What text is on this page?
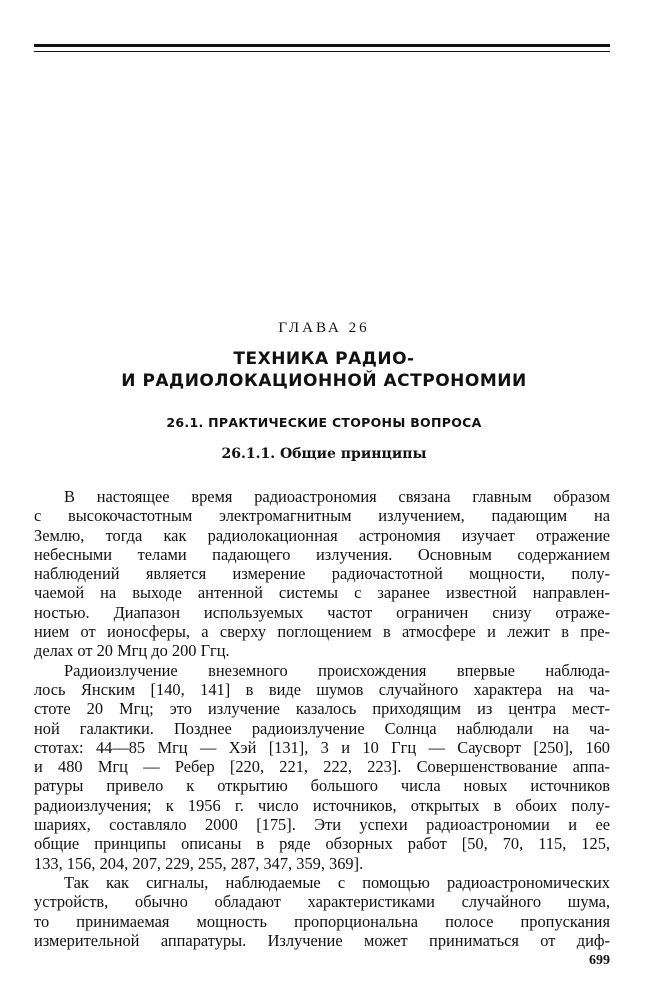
ГЛАВА 26
ТЕХНИКА РАДИО-
И РАДИОЛОКАЦИОННОЙ АСТРОНОМИИ
26.1. ПРАКТИЧЕСКИЕ СТОРОНЫ ВОПРОСА
26.1.1. Общие принципы

В настоящее время радиоастрономия связана главным образом
с высокочастотным электромагнитным излучением, падающим на
Землю, тогда как радиолокационная астрономия изучает отражение
небесными телами падающего излучения. Основным содержанием
наблюдений является измерение радиочастотной мощности, полу-
чаемой на выходе антенной системы с заранее известной направлен-
ностью. Диапазон используемых частот ограничен снизу отраже-
нием от ионосферы, а сверху поглощением в атмосфере и лежит в пре-
делах от 20 Мгц до 200 Ггц.

Радиоизлучение внеземного происхождения впервые наблюда-
лось Янским [140, 141] в виде шумов случайного характера на ча-
стоте 20 Мгц; это излучение казалось приходящим из центра мест-
ной галактики. Позднее радиоизлучение Солнца наблюдали на ча-
стотах: 44—85 Мгц — Хэй [131], 3 и 10 Ггц — Саусворт [250], 160
и 480 Мгц — Ребер [220, 221, 222, 223]. Совершенствование аппа-
ратуры привело к открытию большого числа новых источников
радиоизлучения; к 1956 г. число источников, открытых в обоих полу-
шариях, составляло 2000 [175]. Эти успехи радиоастрономии и ее
общие принципы описаны в ряде обзорных работ [50, 70, 115, 125,
133, 156, 204, 207, 229, 255, 287, 347, 359, 369].

Так как сигналы, наблюдаемые с помощью радиоастрономических
устройств, обычно обладают характеристиками случайного шума,
то принимаемая мощность пропорциональна полосе пропускания
измерительной аппаратуры. Излучение может приниматься от диф-

699
